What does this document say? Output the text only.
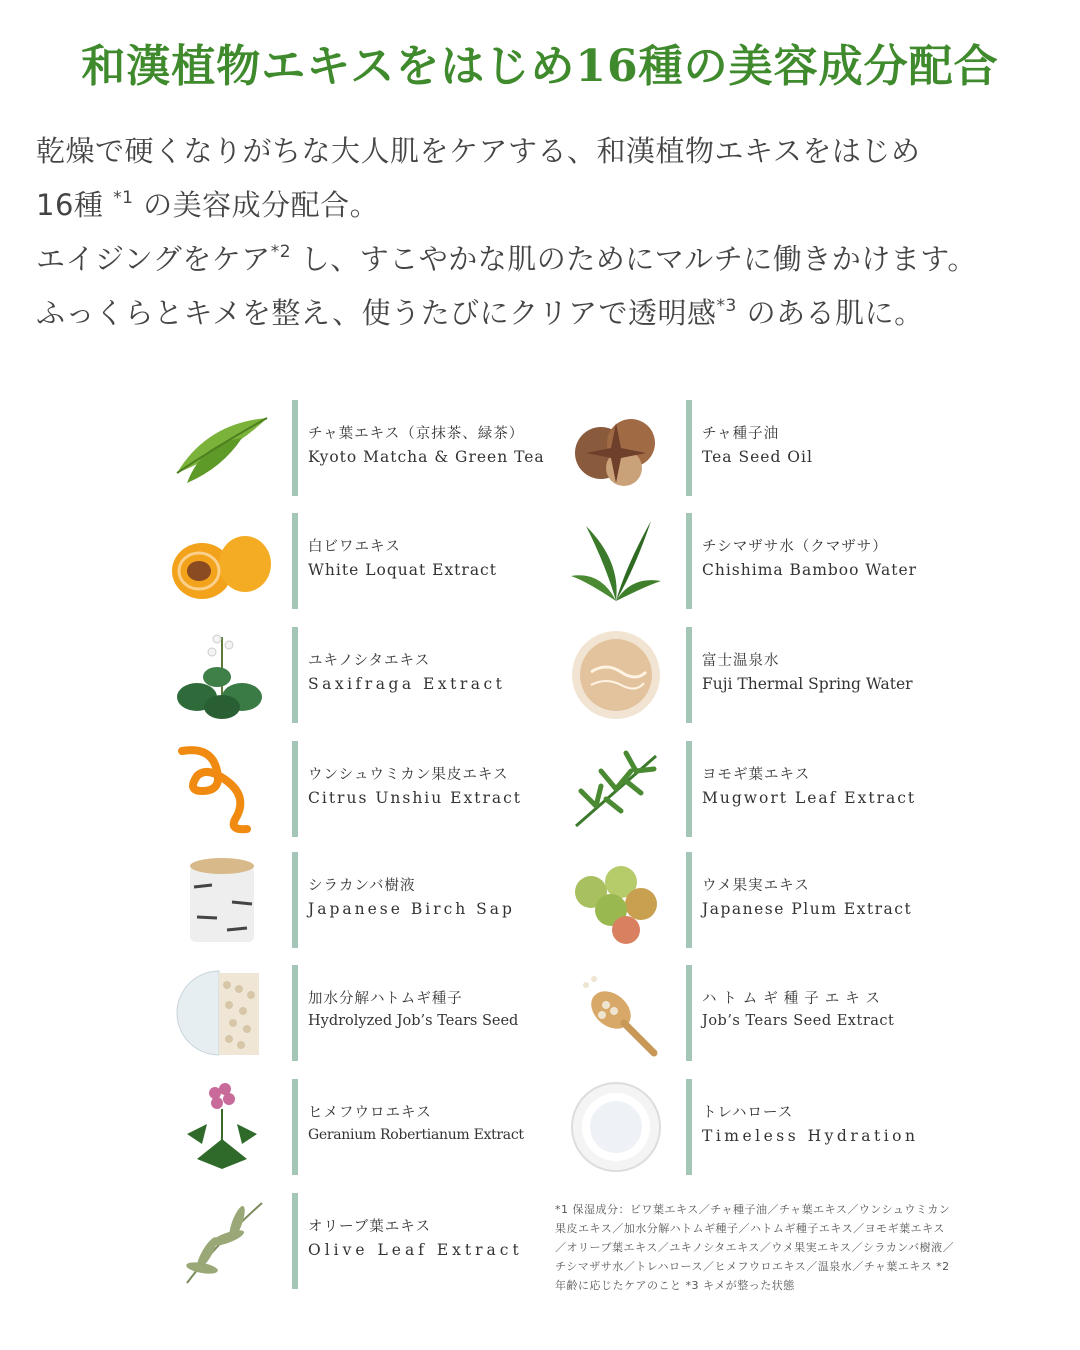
和漢植物エキスをはじめ16種の美容成分配合

乾燥で硬くなりがちな大人肌をケアする、和漢植物エキスをはじめ

16種 $^{*1}$ の美容成分配合。

エイジングをケア$^{*2}$ し、すこやかな肌のためにマルチに働きかけます。

ふっくらとキメを整え、使うたびにクリアで透明感$^{*3}$ のある肌に。

チャ葉エキス（京抹茶、緑茶）
Kyoto Matcha & Green Tea
チャ種子油
Tea Seed Oil
白ビワエキス
White Loquat Extract
チシマザサ水（クマザサ）
Chishima Bamboo Water
ユキノシタエキス
Saxifraga Extract
富士温泉水
Fuji Thermal Spring Water
ウンシュウミカン果皮エキス
Citrus Unshiu Extract
ヨモギ葉エキス
Mugwort Leaf Extract
シラカンバ樹液
Japanese Birch Sap
ウメ果実エキス
Japanese Plum Extract
加水分解ハトムギ種子
Hydrolyzed Job’s Tears Seed
ハトムギ種子エキス
Job’s Tears Seed Extract
ヒメフウロエキス
Geranium Robertianum Extract
トレハロース
Timeless Hydration
オリーブ葉エキス
Olive Leaf Extract
*1 保湿成分：ビワ葉エキス／チャ種子油／チャ葉エキス／ウンシュウミカン果皮エキス／加水分解ハトムギ種子／ハトムギ種子エキス／ヨモギ葉エキス／オリーブ葉エキス／ユキノシタエキス／ウメ果実エキス／シラカンバ樹液／チシマザサ水／トレハロース／ヒメフウロエキス／温泉水／チャ葉エキス *2 年齢に応じたケアのこと *3 キメが整った状態
